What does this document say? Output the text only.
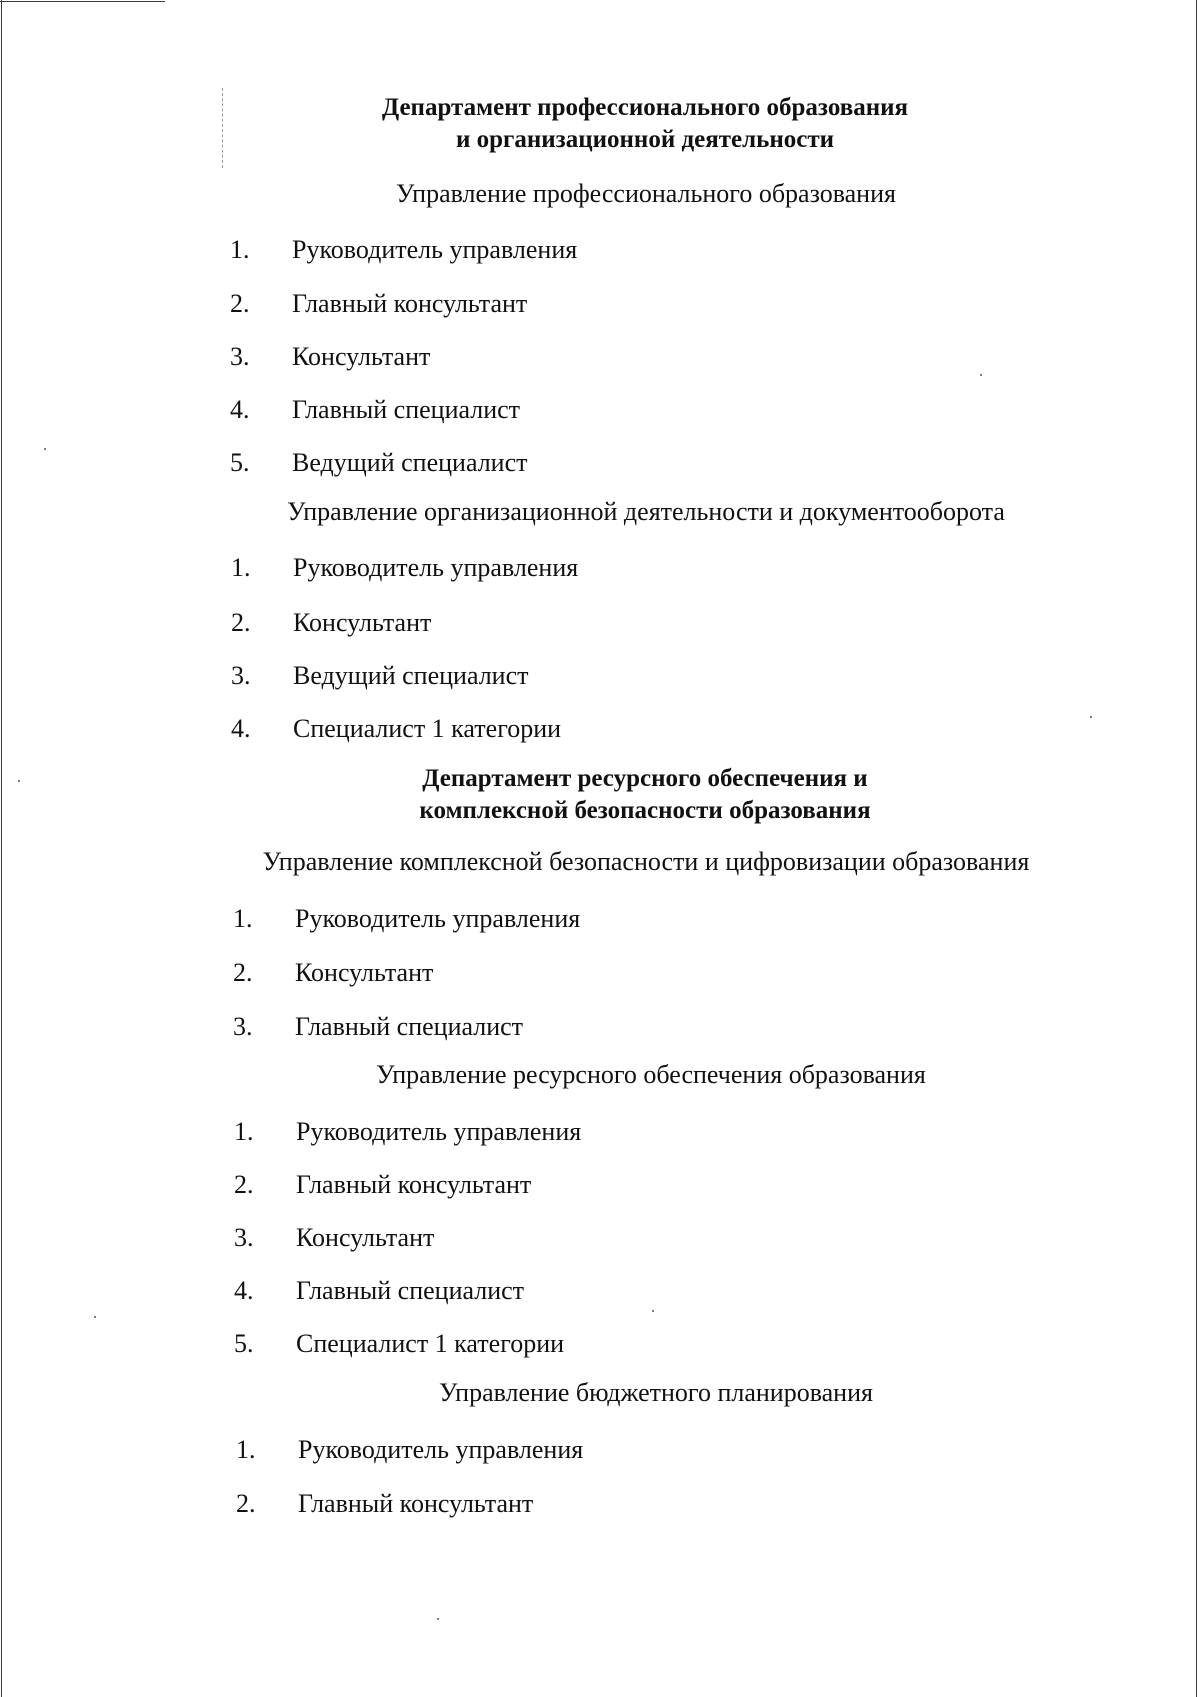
Департамент профессионального образования
и организационной деятельности
Управление профессионального образования
1. Руководитель управления
2. Главный консультант
3. Консультант
4. Главный специалист
5. Ведущий специалист
Управление организационной деятельности и документооборота
1. Руководитель управления
2. Консультант
3. Ведущий специалист
4. Специалист 1 категории
Департамент ресурсного обеспечения и
комплексной безопасности образования
Управление комплексной безопасности и цифровизации образования
1. Руководитель управления
2. Консультант
3. Главный специалист
Управление ресурсного обеспечения образования
1. Руководитель управления
2. Главный консультант
3. Консультант
4. Главный специалист
5. Специалист 1 категории
Управление бюджетного планирования
1. Руководитель управления
2. Главный консультант
